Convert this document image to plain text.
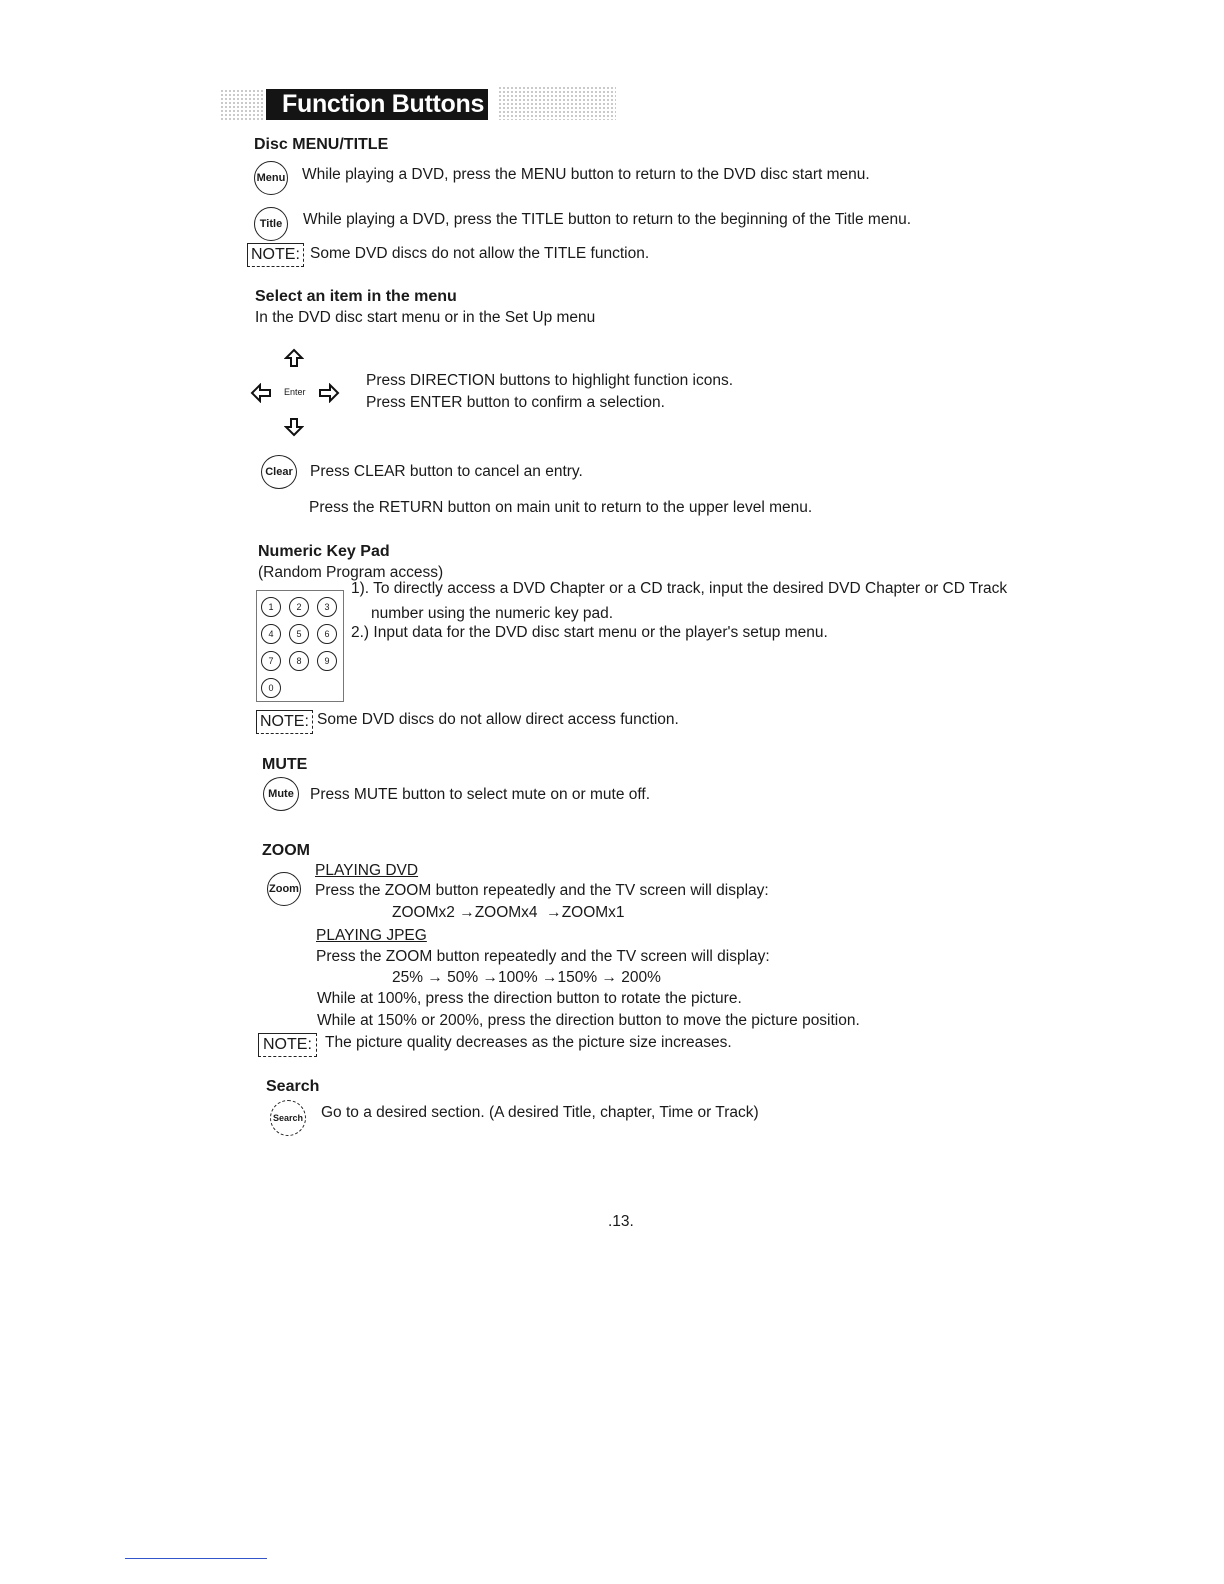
Function Buttons
Disc MENU/TITLE
Menu While playing a DVD, press the MENU button to return to the DVD disc start menu.
Title	While playing a DVD, press the TITLE button to return to the beginning of the Title menu.
NOTE: Some DVD discs do not allow the TITLE function.
Select an item in the menu
In the DVD disc start menu or in the Set Up menu
Enter
Press DIRECTION buttons to highlight function icons.
Press ENTER button to confirm a selection.
Clear Press CLEAR button to cancel an entry.
Press the RETURN button on main unit to return to the upper level menu.
Numeric Key Pad
(Random Program access)
1	2	3
4	5	6
7	8	9
0
1). To directly access a DVD Chapter or a CD track, input the desired DVD Chapter or CD Track
number using the numeric key pad.
2.) Input data for the DVD disc start menu or the player's setup menu.
NOTE: Some DVD discs do not allow direct access function.
MUTE
Mute	Press MUTE button to select mute on or mute off.
ZOOM
Zoom
PLAYING DVD
Press the ZOOM button repeatedly and the TV screen will display:
ZOOMx2 →ZOOMx4  →ZOOMx1
PLAYING JPEG
Press the ZOOM button repeatedly and the TV screen will display:
25% → 50% →100% →150% → 200%
While at 100%, press the direction button to rotate the picture.
While at 150% or 200%, press the direction button to move the picture position.
NOTE: The picture quality decreases as the picture size increases.
Search
Search Go to a desired section. (A desired Title, chapter, Time or Track)
.13.
